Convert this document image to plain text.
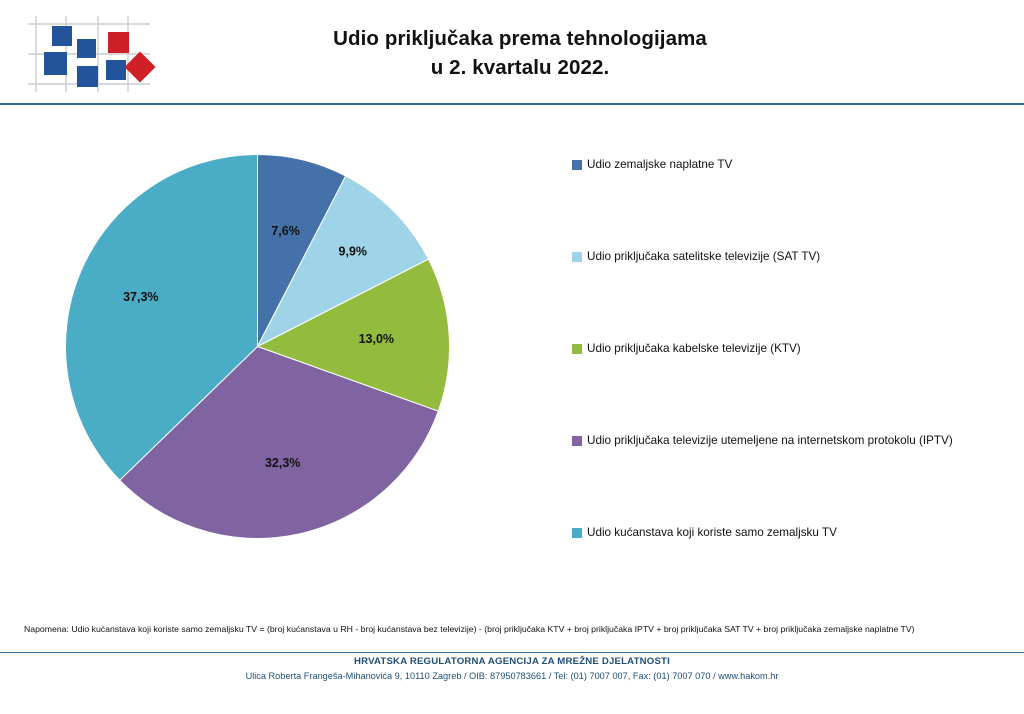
Udio priključaka prema tehnologijama
u 2. kvartalu 2022.
7,6%
9,9%
13,0%
32,3%
37,3%
Udio zemaljske naplatne TV
Udio priključaka satelitske televizije (SAT TV)
Udio priključaka kabelske televizije (KTV)
Udio priključaka televizije utemeljene na internetskom protokolu (IPTV)
Udio kućanstava koji koriste samo zemaljsku TV
Napomena: Udio kućanstava koji koriste samo zemaljsku TV = (broj kućanstava u RH - broj kućanstava bez televizije) - (broj priključaka KTV + broj priključaka IPTV + broj priključaka SAT TV + broj priključaka zemaljske naplatne TV)
HRVATSKA REGULATORNA AGENCIJA ZA MREŽNE DJELATNOSTI
Ulica Roberta Frangeša-Mihanovića 9, 10110 Zagreb / OIB: 87950783661 / Tel: (01) 7007 007, Fax: (01) 7007 070 / www.hakom.hr
